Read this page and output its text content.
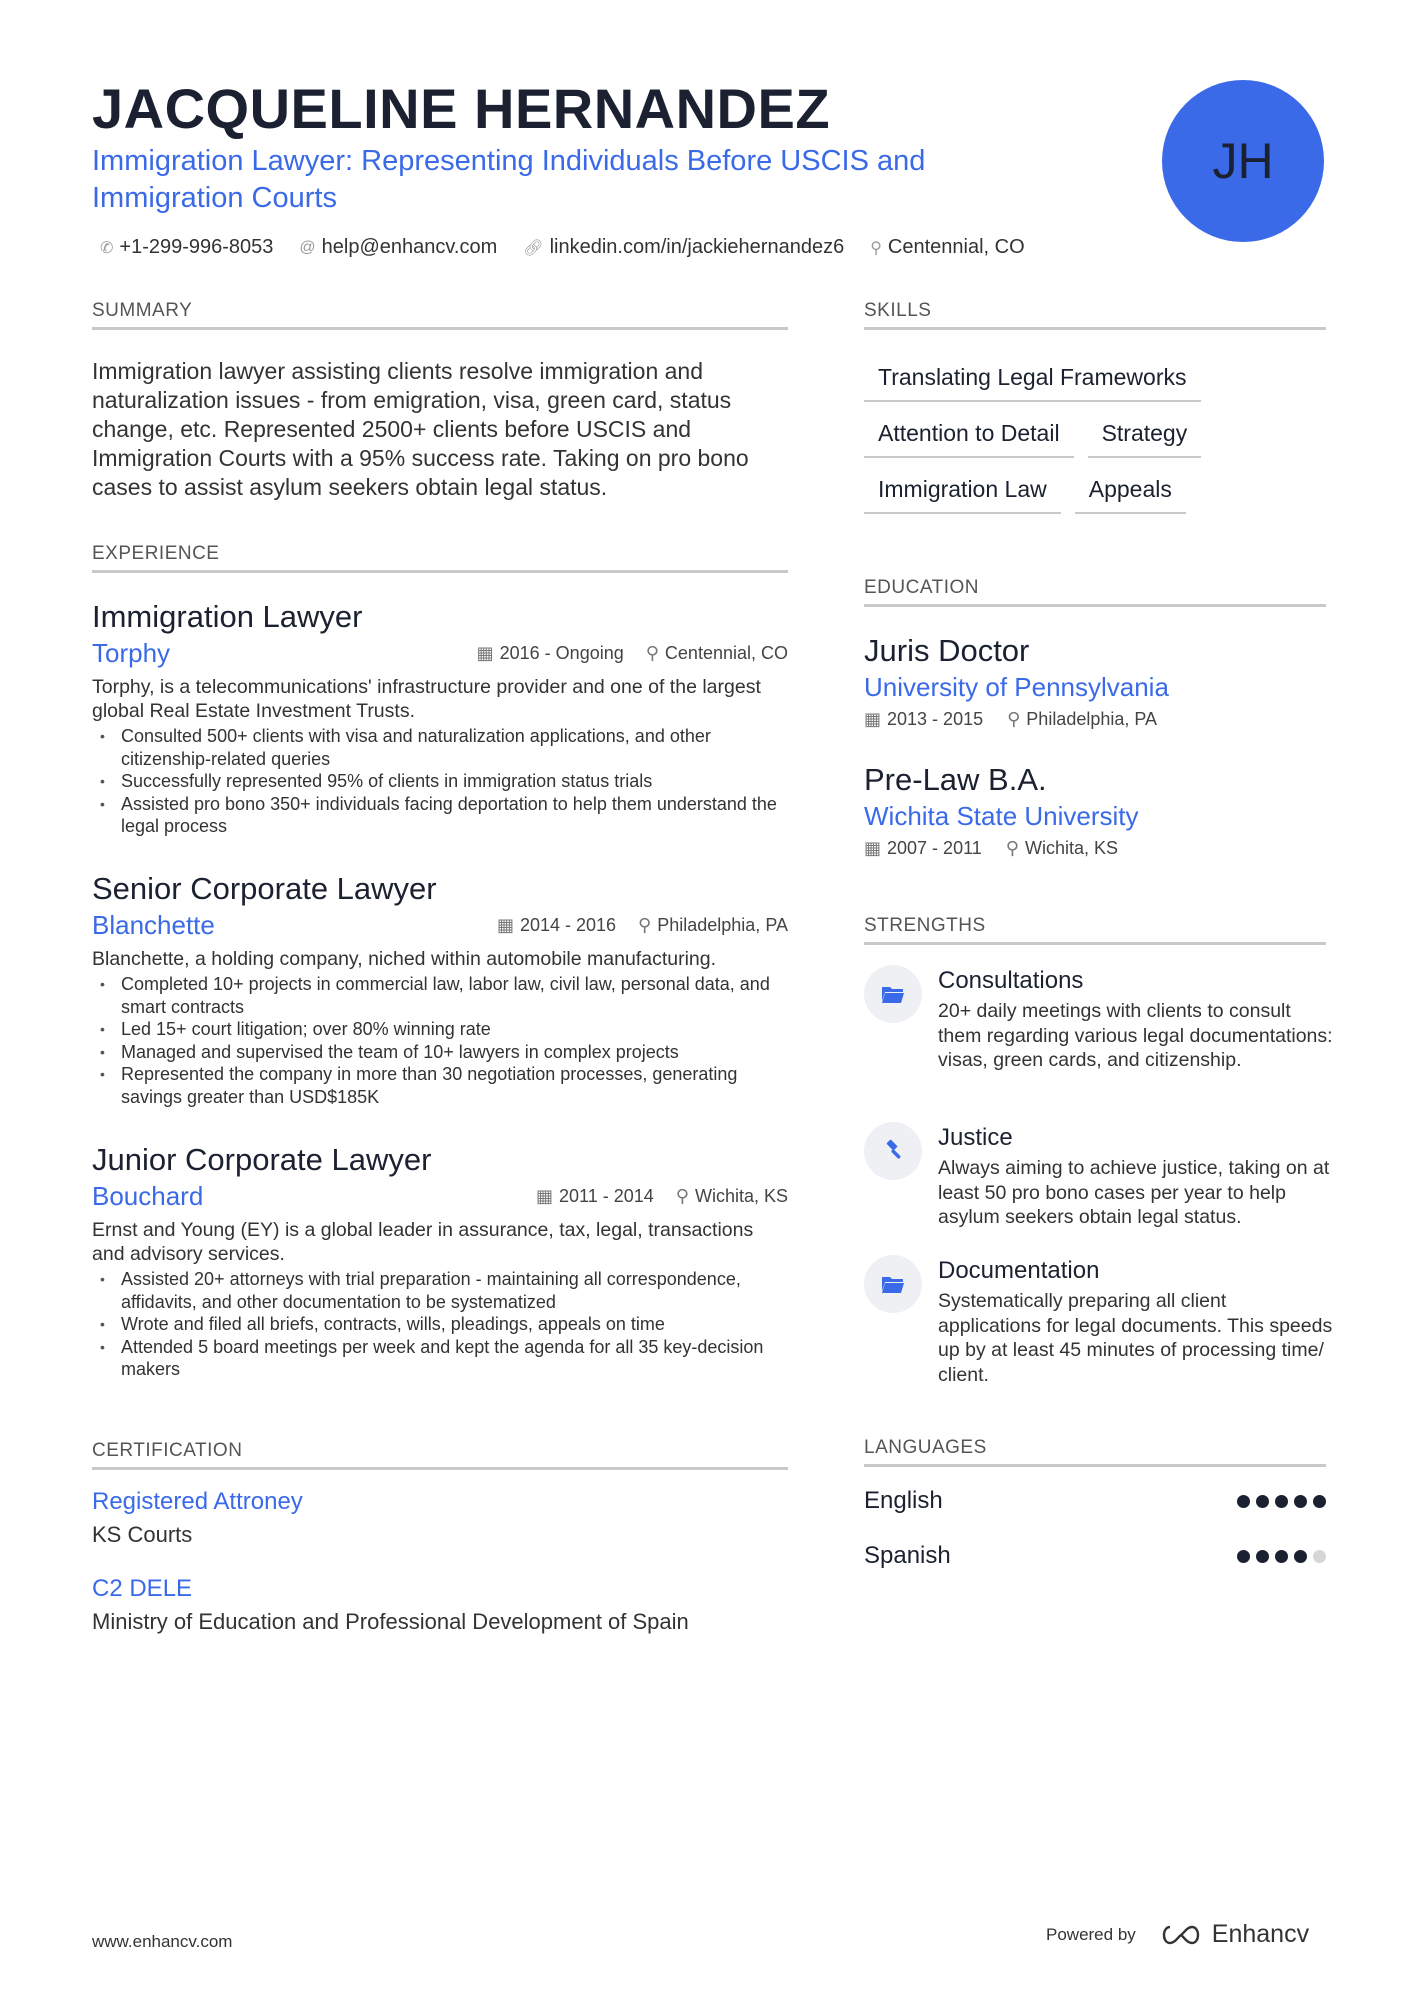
JACQUELINE HERNANDEZ
Immigration Lawyer: Representing Individuals Before USCIS and Immigration Courts
JH
✆ +1-299-996-8053 @ help@enhancv.com 🔗︎ linkedin.com/in/jackiehernandez6 ⚲ Centennial, CO
SUMMARY
Immigration lawyer assisting clients resolve immigration and naturalization issues - from emigration, visa, green card, status change, etc. Represented 2500+ clients before USCIS and Immigration Courts with a 95% success rate. Taking on pro bono cases to assist asylum seekers obtain legal status.
EXPERIENCE
Immigration Lawyer
Torphy	▦ 2016 - Ongoing ⚲ Centennial, CO
Torphy, is a telecommunications' infrastructure provider and one of the largest global Real Estate Investment Trusts.
• Consulted 500+ clients with visa and naturalization applications, and other citizenship-related queries
• Successfully represented 95% of clients in immigration status trials
• Assisted pro bono 350+ individuals facing deportation to help them understand the legal process
Senior Corporate Lawyer
Blanchette	▦ 2014 - 2016 ⚲ Philadelphia, PA
Blanchette, a holding company, niched within automobile manufacturing.
• Completed 10+ projects in commercial law, labor law, civil law, personal data, and smart contracts
• Led 15+ court litigation; over 80% winning rate
• Managed and supervised the team of 10+ lawyers in complex projects
• Represented the company in more than 30 negotiation processes, generating savings greater than USD$185K
Junior Corporate Lawyer
Bouchard	▦ 2011 - 2014 ⚲ Wichita, KS
Ernst and Young (EY) is a global leader in assurance, tax, legal, transactions and advisory services.
• Assisted 20+ attorneys with trial preparation - maintaining all correspondence, affidavits, and other documentation to be systematized
• Wrote and filed all briefs, contracts, wills, pleadings, appeals on time
• Attended 5 board meetings per week and kept the agenda for all 35 key-decision makers
CERTIFICATION
Registered Attroney
KS Courts
C2 DELE
Ministry of Education and Professional Development of Spain
SKILLS
Translating Legal Frameworks
Attention to Detail	Strategy
Immigration Law	Appeals
EDUCATION
Juris Doctor
University of Pennsylvania
▦ 2013 - 2015 ⚲ Philadelphia, PA
Pre-Law B.A.
Wichita State University
▦ 2007 - 2011 ⚲ Wichita, KS
STRENGTHS
Consultations
20+ daily meetings with clients to consult them regarding various legal documentations: visas, green cards, and citizenship.
Justice
Always aiming to achieve justice, taking on at least 50 pro bono cases per year to help asylum seekers obtain legal status.
Documentation
Systematically preparing all client applications for legal documents. This speeds up by at least 45 minutes of processing time/ client.
LANGUAGES
English
Spanish
www.enhancv.com	Powered by	Enhancv
